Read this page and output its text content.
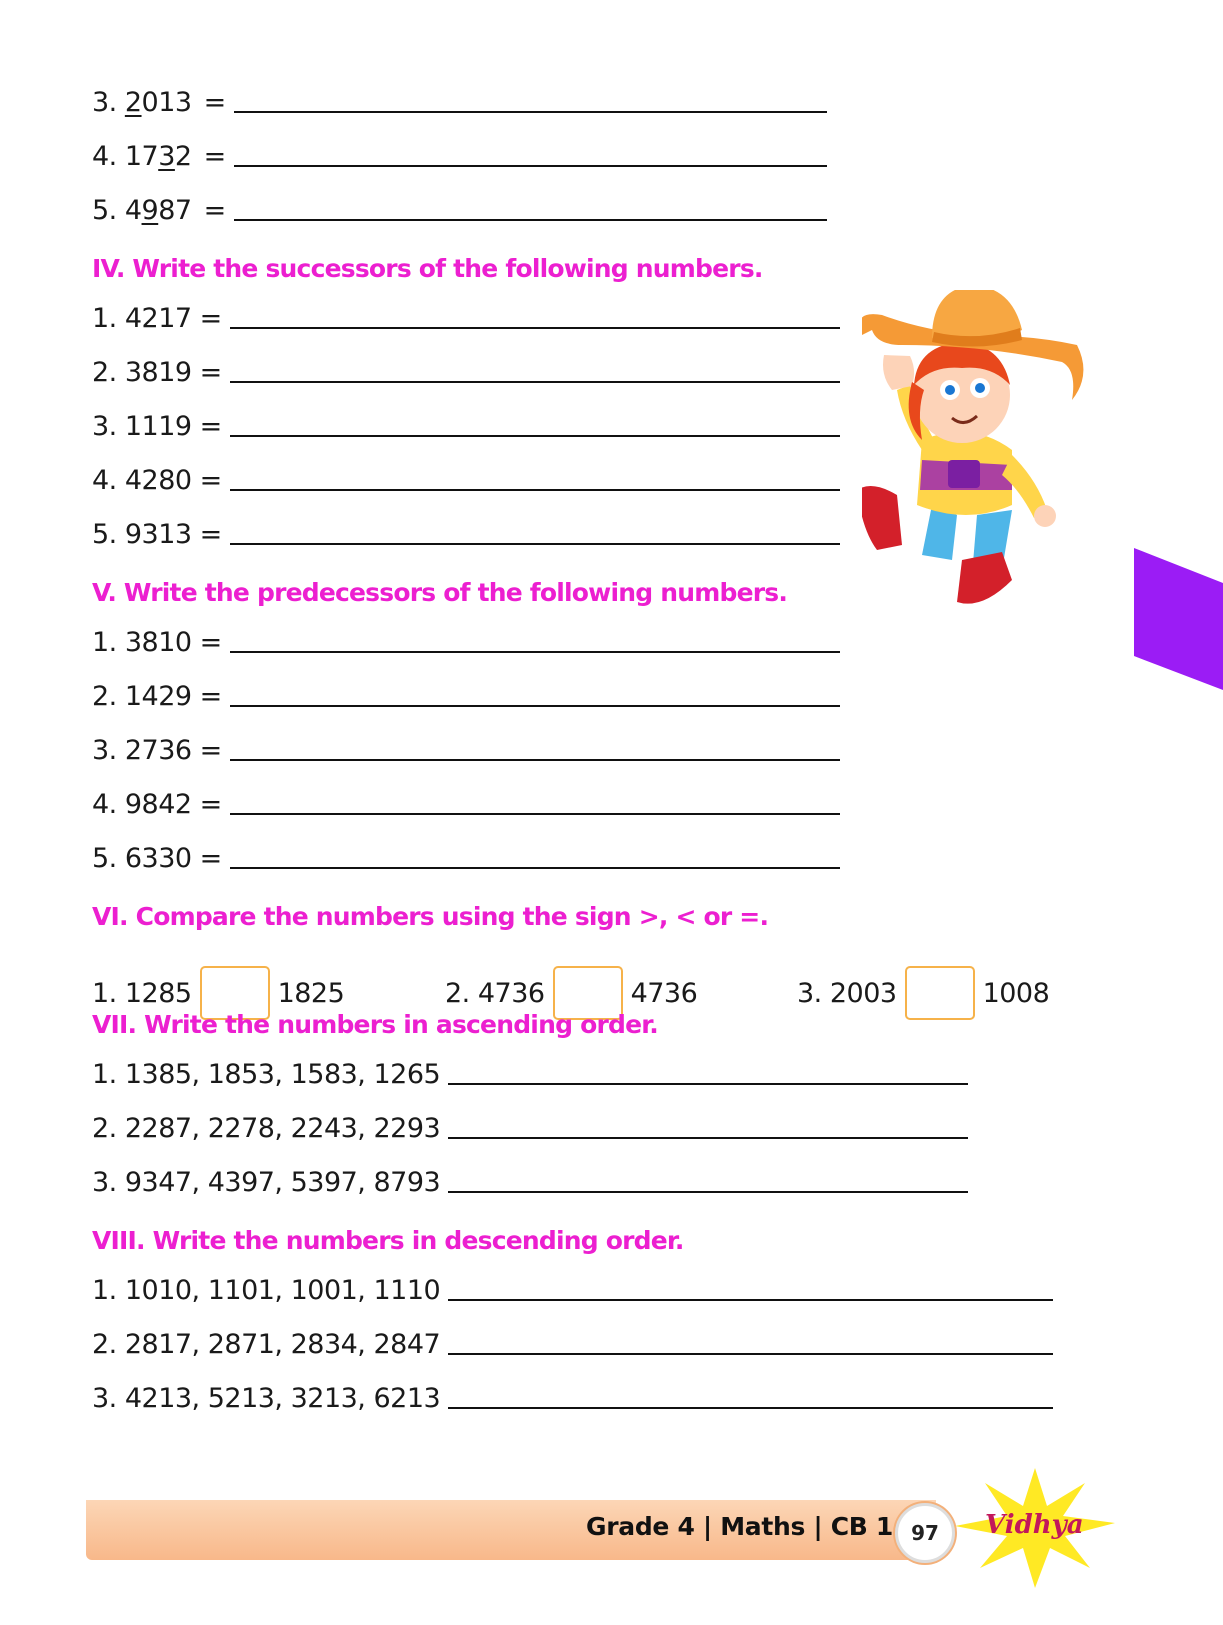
3. 2013 =
4. 1732 =
5. 4987 =
IV. Write the successors of the following numbers.
1. 4217 =
2. 3819 =
3. 1119 =
4. 4280 =
5. 9313 =
V. Write the predecessors of the following numbers.
1. 3810 =
2. 1429 =
3. 2736 =
4. 9842 =
5. 6330 =
VI. Compare the numbers using the sign >, < or =.
1. 1285	1825	2. 4736	4736	3. 2003	1008
VII. Write the numbers in ascending order.
1. 1385, 1853, 1583, 1265
2. 2287, 2278, 2243, 2293
3. 9347, 4397, 5397, 8793
VIII. Write the numbers in descending order.
1. 1010, 1101, 1001, 1110
2. 2817, 2871, 2834, 2847
3. 4213, 5213, 3213, 6213
Grade 4 | Maths | CB 1 97	Vidhya
